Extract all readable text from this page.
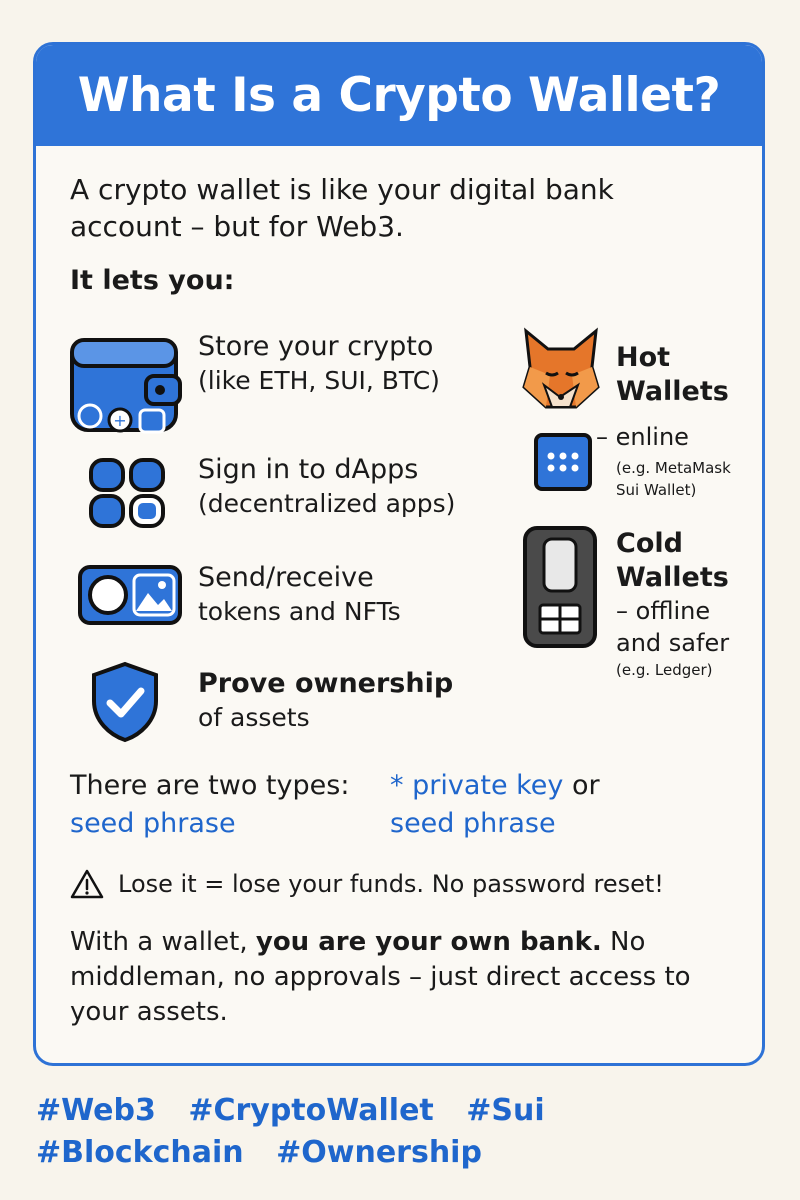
What Is a Crypto Wallet?
A crypto wallet is like your digital bank account – but for Web3.
It lets you:
+
Store your crypto
(like ETH, SUI, BTC)
Sign in to dApps
(decentralized apps)
Send/receive
tokens and NFTs
Prove ownership
of assets
Hot
Wallets
– enline
(e.g. MetaMask
Sui Wallet)
Cold
Wallets
– offline
and safer
(e.g. Ledger)
There are two types:
seed phrase
* private key or
seed phrase
Lose it = lose your funds. No password reset!
With a wallet, you are your own bank. No middleman, no approvals – just direct access to your assets.
#Web3 #CryptoWallet #Sui #Blockchain #Ownership
